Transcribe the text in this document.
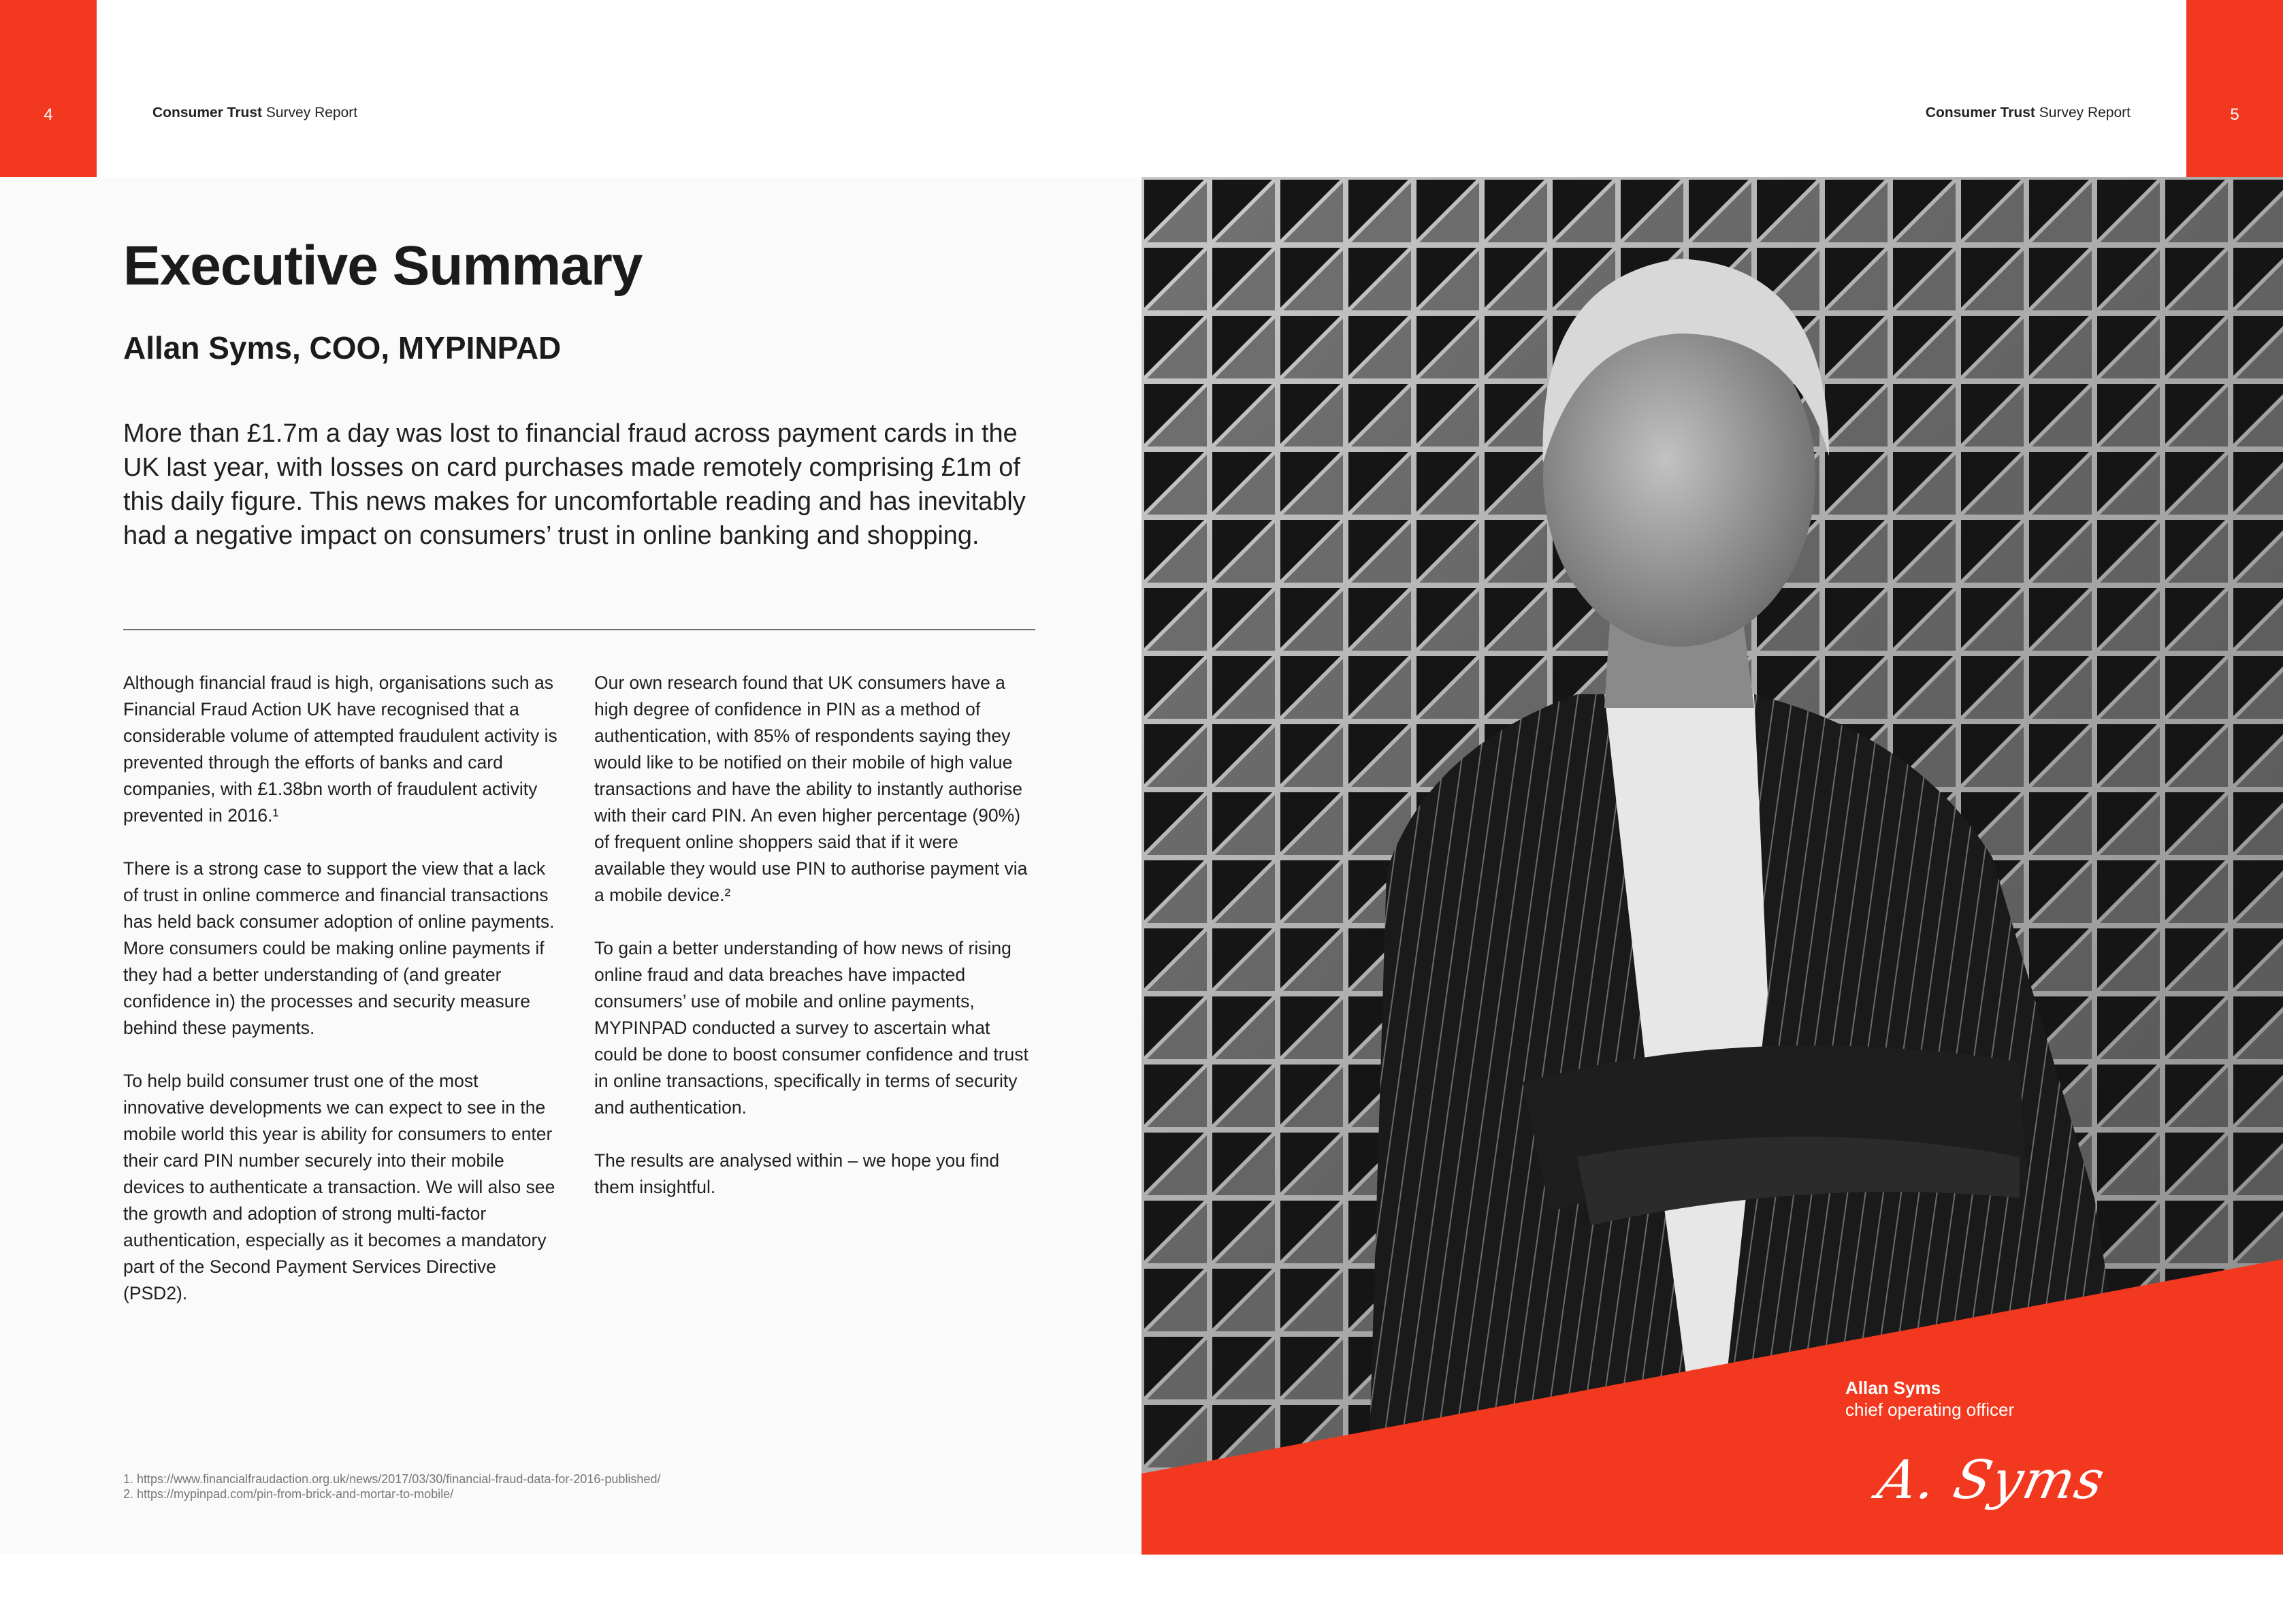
4	5
Consumer Trust Survey Report	Consumer Trust Survey Report
Executive Summary
Allan Syms, COO, MYPINPAD

More than £1.7m a day was lost to financial fraud across payment cards in the UK last year, with losses on card purchases made remotely comprising £1m of this daily figure. This news makes for uncomfortable reading and has inevitably had a negative impact on consumers’ trust in online banking and shopping.

Although financial fraud is high, organisations such as Financial Fraud Action UK have recognised that a considerable volume of attempted fraudulent activity is prevented through the efforts of banks and card companies, with £1.38bn worth of fraudulent activity prevented in 2016.¹

There is a strong case to support the view that a lack of trust in online commerce and financial transactions has held back consumer adoption of online payments. More consumers could be making online payments if they had a better understanding of (and greater confidence in) the processes and security measure behind these payments.

To help build consumer trust one of the most innovative developments we can expect to see in the mobile world this year is ability for consumers to enter their card PIN number securely into their mobile devices to authenticate a transaction. We will also see the growth and adoption of strong multi-factor authentication, especially as it becomes a mandatory part of the Second Payment Services Directive (PSD2).

Our own research found that UK consumers have a high degree of confidence in PIN as a method of authentication, with 85% of respondents saying they would like to be notified on their mobile of high value transactions and have the ability to instantly authorise with their card PIN. An even higher percentage (90%) of frequent online shoppers said that if it were available they would use PIN to authorise payment via a mobile device.²

To gain a better understanding of how news of rising online fraud and data breaches have impacted consumers’ use of mobile and online payments, MYPINPAD conducted a survey to ascertain what could be done to boost consumer confidence and trust in online transactions, specifically in terms of security and authentication.

The results are analysed within – we hope you find them insightful.

1. https://www.financialfraudaction.org.uk/news/2017/03/30/financial-fraud-data-for-2016-published/
2. https://mypinpad.com/pin-from-brick-and-mortar-to-mobile/
Allan Syms
chief operating officer
A. Syms
